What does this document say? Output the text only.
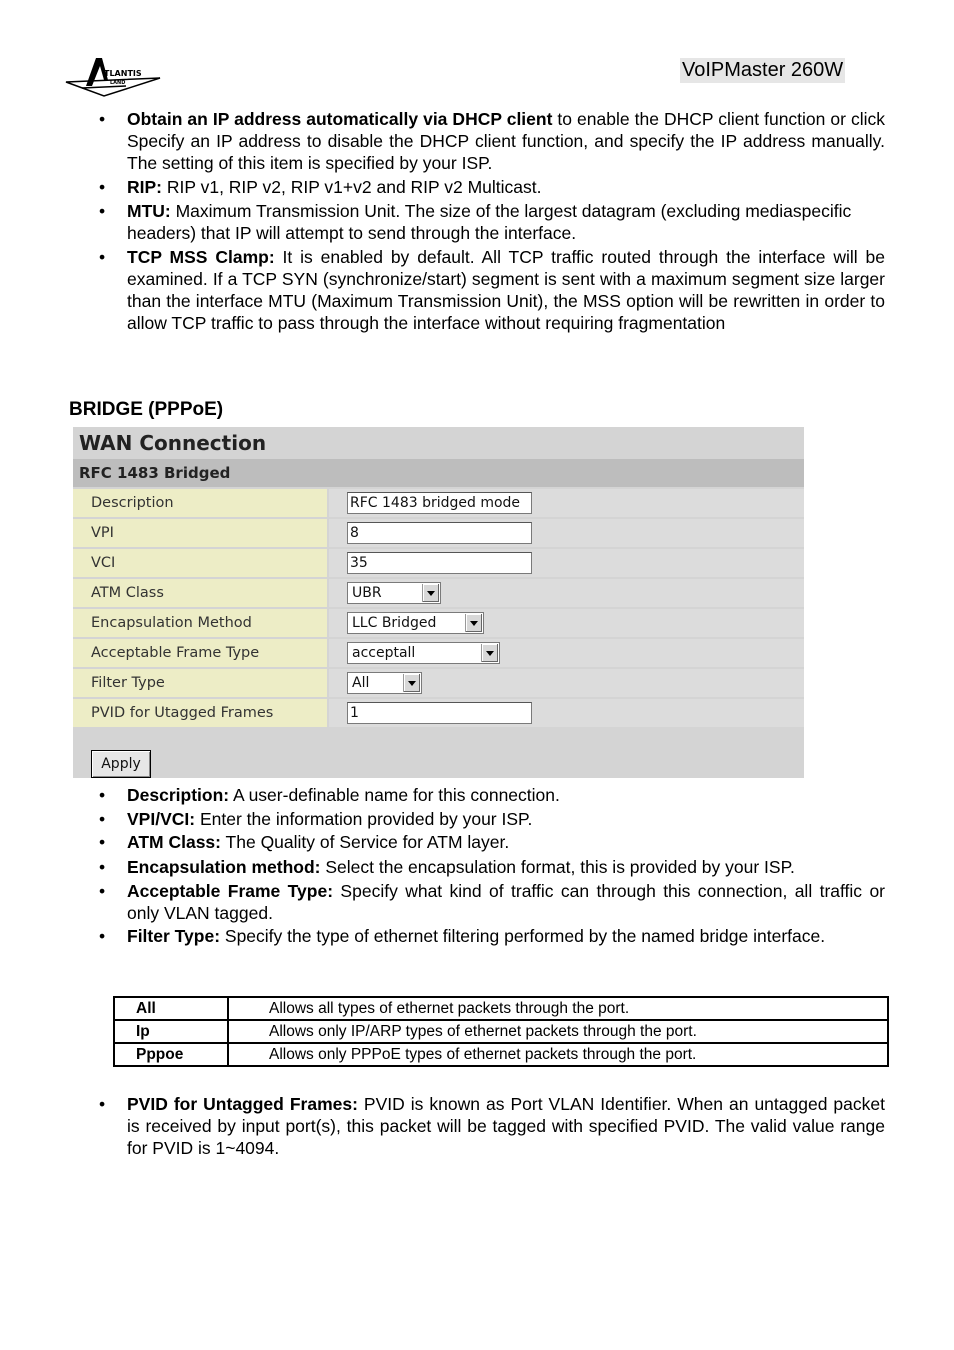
TLANTIS
LAND
VoIPMaster 260W
• Obtain an IP address automatically via DHCP client to enable the DHCP client function or click Specify an IP address to disable the DHCP client function, and specify the IP address manually. The setting of this item is specified by your ISP.
• RIP: RIP v1, RIP v2, RIP v1+v2 and RIP v2 Multicast.
• MTU: Maximum Transmission Unit. The size of the largest datagram (excluding mediaspecific headers) that IP will attempt to send through the interface.
• TCP MSS Clamp: It is enabled by default. All TCP traffic routed through the interface will be examined. If a TCP SYN (synchronize/start) segment is sent with a maximum segment size larger than the interface MTU (Maximum Transmission Unit), the MSS option will be rewritten in order to allow TCP traffic to pass through the interface without requiring fragmentation
BRIDGE (PPPoE)
WAN Connection
RFC 1483 Bridged
Description	RFC 1483 bridged mode
VPI	8
VCI	35
ATM Class	UBR
Encapsulation Method	LLC Bridged
Acceptable Frame Type	acceptall
Filter Type	All
PVID for Utagged Frames	1
Apply
• Description: A user-definable name for this connection.
• VPI/VCI: Enter the information provided by your ISP.
• ATM Class: The Quality of Service for ATM layer.
• Encapsulation method: Select the encapsulation format, this is provided by your ISP.
• Acceptable Frame Type: Specify what kind of traffic can through this connection, all traffic or only VLAN tagged.
• Filter Type: Specify the type of ethernet filtering performed by the named bridge interface.
All	Allows all types of ethernet packets through the port.
Ip	Allows only IP/ARP types of ethernet packets through the port.
Pppoe	Allows only PPPoE types of ethernet packets through the port.
• PVID for Untagged Frames: PVID is known as Port VLAN Identifier. When an untagged packet is received by input port(s), this packet will be tagged with specified PVID. The valid value range for PVID is 1~4094.
